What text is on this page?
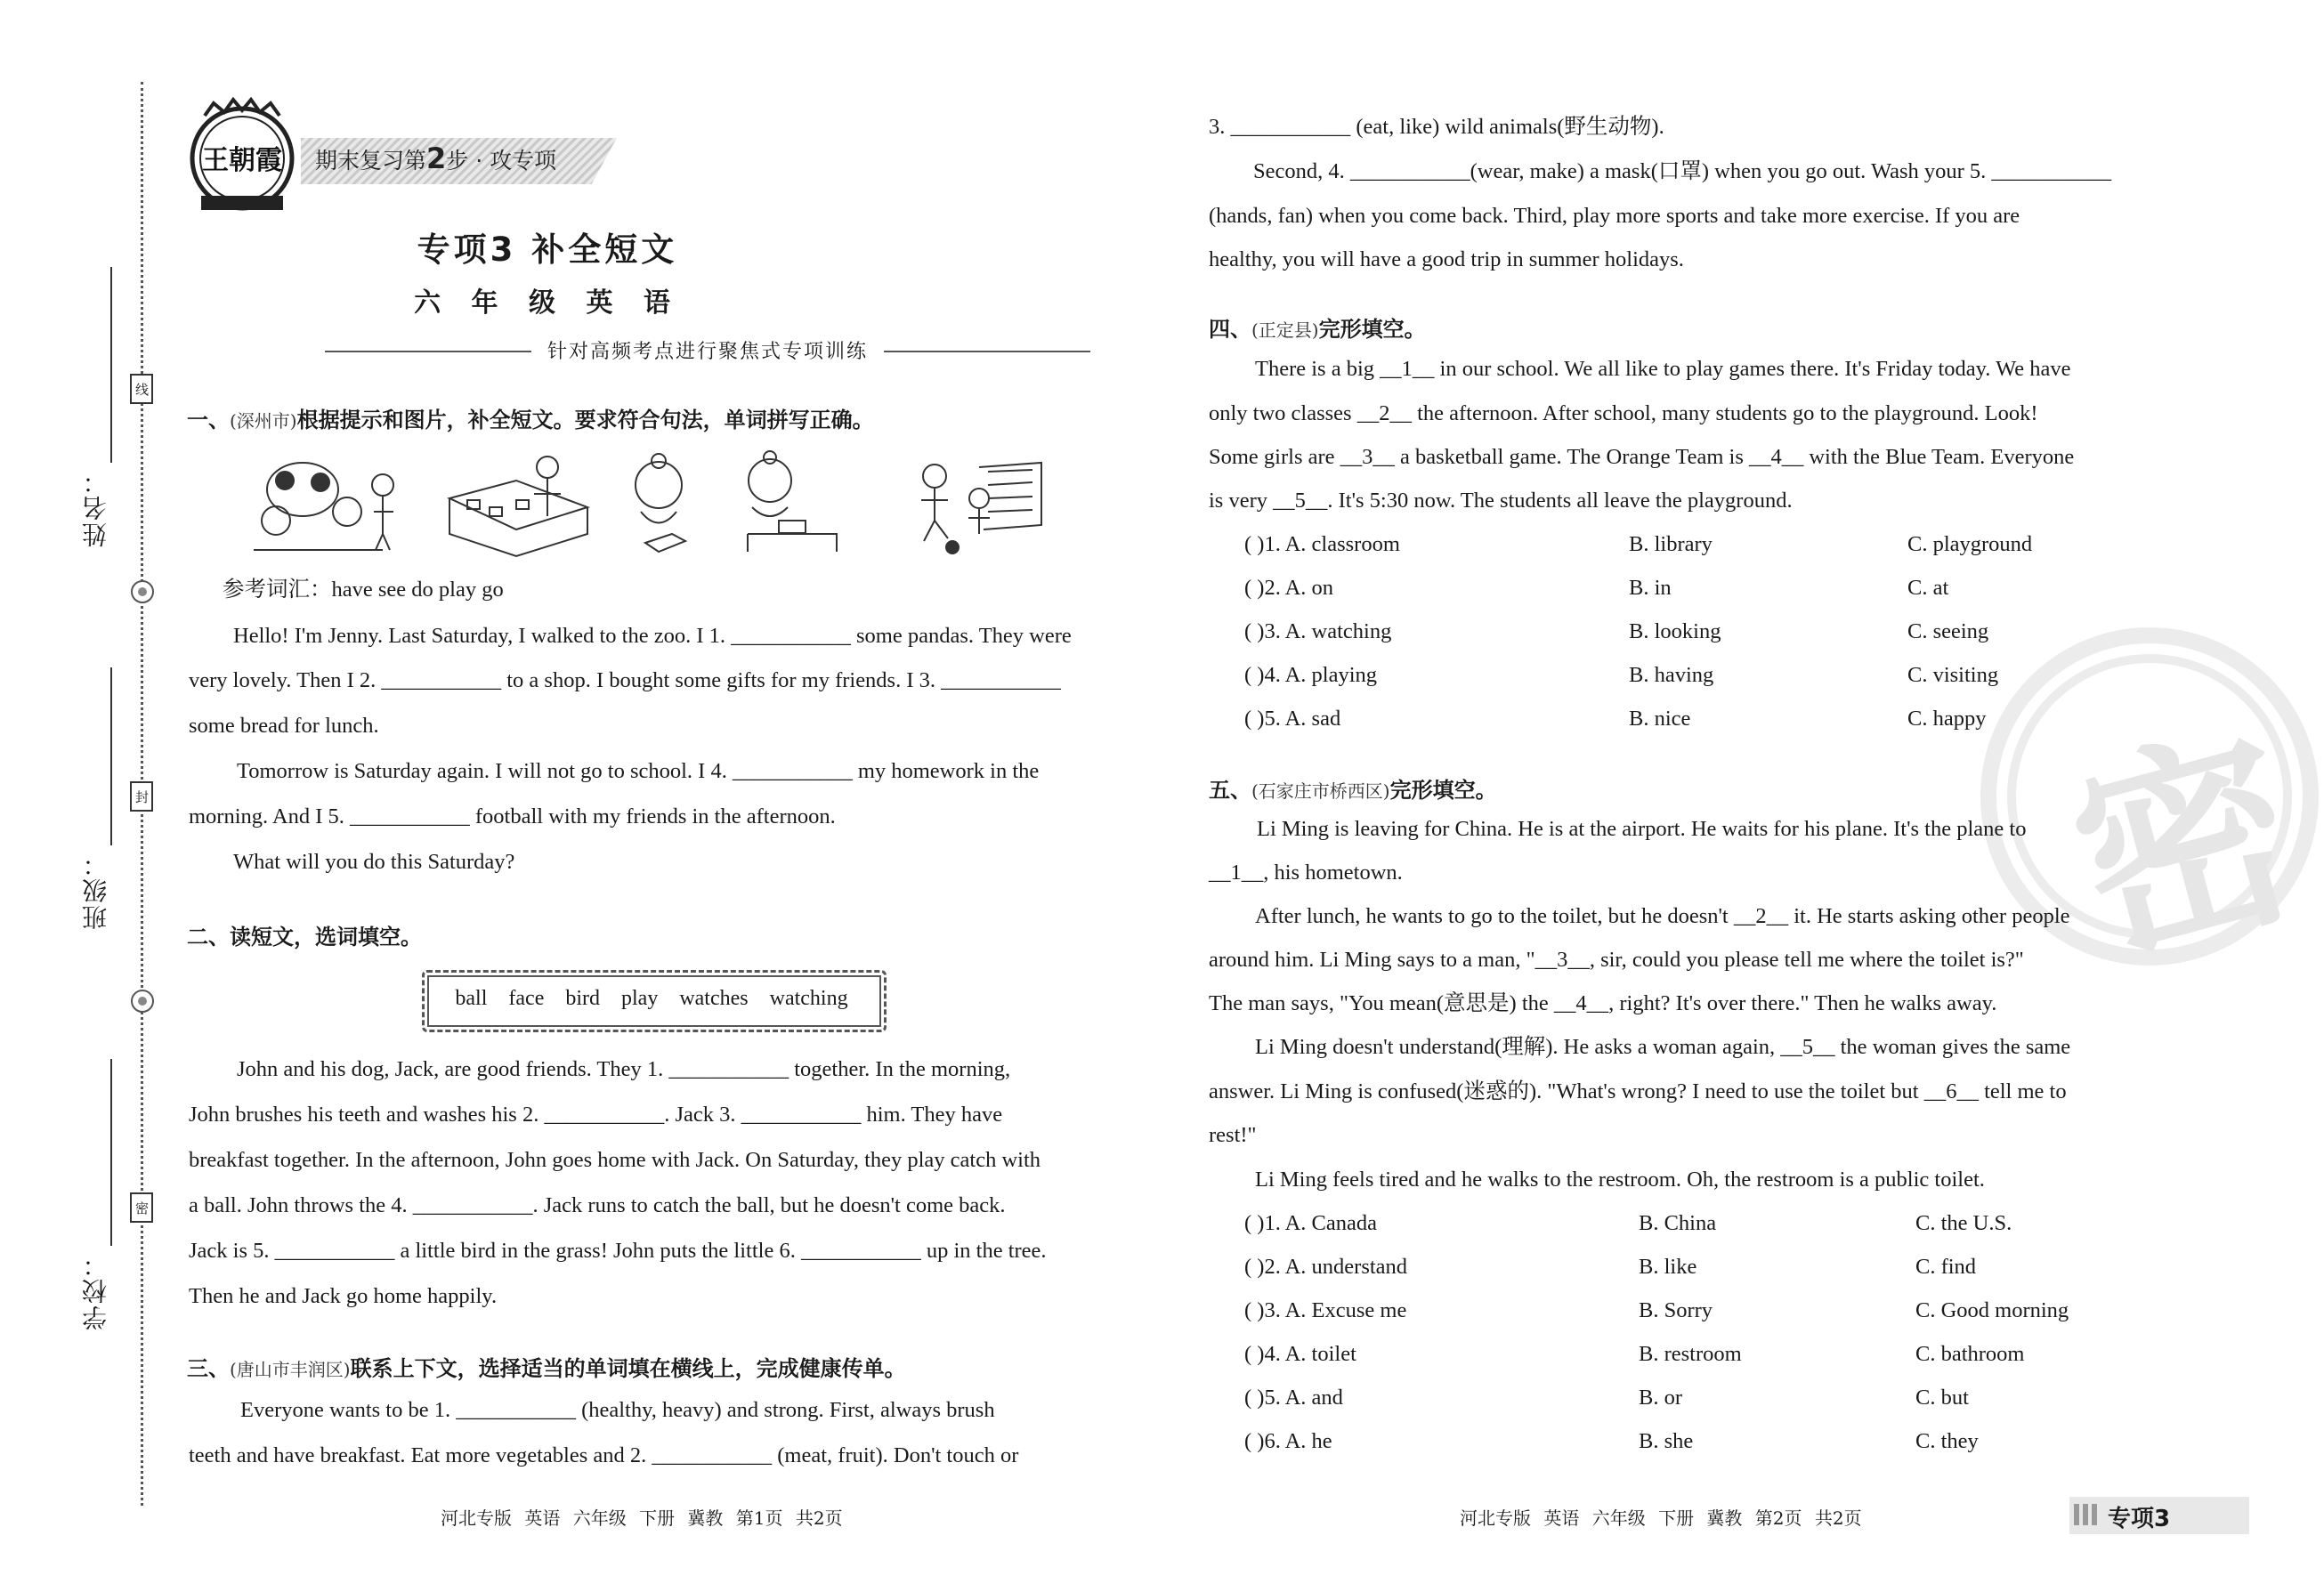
姓名：
班级：
学校：
线
封
密
王朝霞 期末复习第2步 · 攻专项
专项3 补全短文
六 年 级 英 语
针对高频考点进行聚焦式专项训练
一、(深州市)根据提示和图片，补全短文。要求符合句法，单词拼写正确。
参考词汇：have see do play go
Hello! I'm Jenny. Last Saturday, I walked to the zoo. I 1. ___________ some pandas. They were
very lovely. Then I 2. ___________ to a shop. I bought some gifts for my friends. I 3. ___________
some bread for lunch.
Tomorrow is Saturday again. I will not go to school. I 4. ___________ my homework in the
morning. And I 5. ___________ football with my friends in the afternoon.
What will you do this Saturday?
二、读短文，选词填空。
ball face bird play watches watching
John and his dog, Jack, are good friends. They 1. ___________ together. In the morning,
John brushes his teeth and washes his 2. ___________. Jack 3. ___________ him. They have
breakfast together. In the afternoon, John goes home with Jack. On Saturday, they play catch with
a ball. John throws the 4. ___________. Jack runs to catch the ball, but he doesn't come back.
Jack is 5. ___________ a little bird in the grass! John puts the little 6. ___________ up in the tree.
Then he and Jack go home happily.
三、(唐山市丰润区)联系上下文，选择适当的单词填在横线上，完成健康传单。
Everyone wants to be 1. ___________ (healthy, heavy) and strong. First, always brush
teeth and have breakfast. Eat more vegetables and 2. ___________ (meat, fruit). Don't touch or
河北专版 英语 六年级 下册 冀教 第1页 共2页
密
3. ___________ (eat, like) wild animals(野生动物).
Second, 4. ___________(wear, make) a mask(口罩) when you go out. Wash your 5. ___________
(hands, fan) when you come back. Third, play more sports and take more exercise. If you are
healthy, you will have a good trip in summer holidays.
四、(正定县)完形填空。
There is a big __1__ in our school. We all like to play games there. It's Friday today. We have
only two classes __2__ the afternoon. After school, many students go to the playground. Look!
Some girls are __3__ a basketball game. The Orange Team is __4__ with the Blue Team. Everyone
is very __5__. It's 5:30 now. The students all leave the playground.
( )1. A. classroom	B. library	C. playground
( )2. A. on	B. in	C. at
( )3. A. watching	B. looking	C. seeing
( )4. A. playing	B. having	C. visiting
( )5. A. sad	B. nice	C. happy
五、(石家庄市桥西区)完形填空。
Li Ming is leaving for China. He is at the airport. He waits for his plane. It's the plane to
__1__, his hometown.
After lunch, he wants to go to the toilet, but he doesn't __2__ it. He starts asking other people
around him. Li Ming says to a man, "__3__, sir, could you please tell me where the toilet is?"
The man says, "You mean(意思是) the __4__, right? It's over there." Then he walks away.
Li Ming doesn't understand(理解). He asks a woman again, __5__ the woman gives the same
answer. Li Ming is confused(迷惑的). "What's wrong? I need to use the toilet but __6__ tell me to
rest!"
Li Ming feels tired and he walks to the restroom. Oh, the restroom is a public toilet.
( )1. A. Canada	B. China	C. the U.S.
( )2. A. understand	B. like	C. find
( )3. A. Excuse me	B. Sorry	C. Good morning
( )4. A. toilet	B. restroom	C. bathroom
( )5. A. and	B. or	C. but
( )6. A. he	B. she	C. they
河北专版 英语 六年级 下册 冀教 第2页 共2页	专项3
